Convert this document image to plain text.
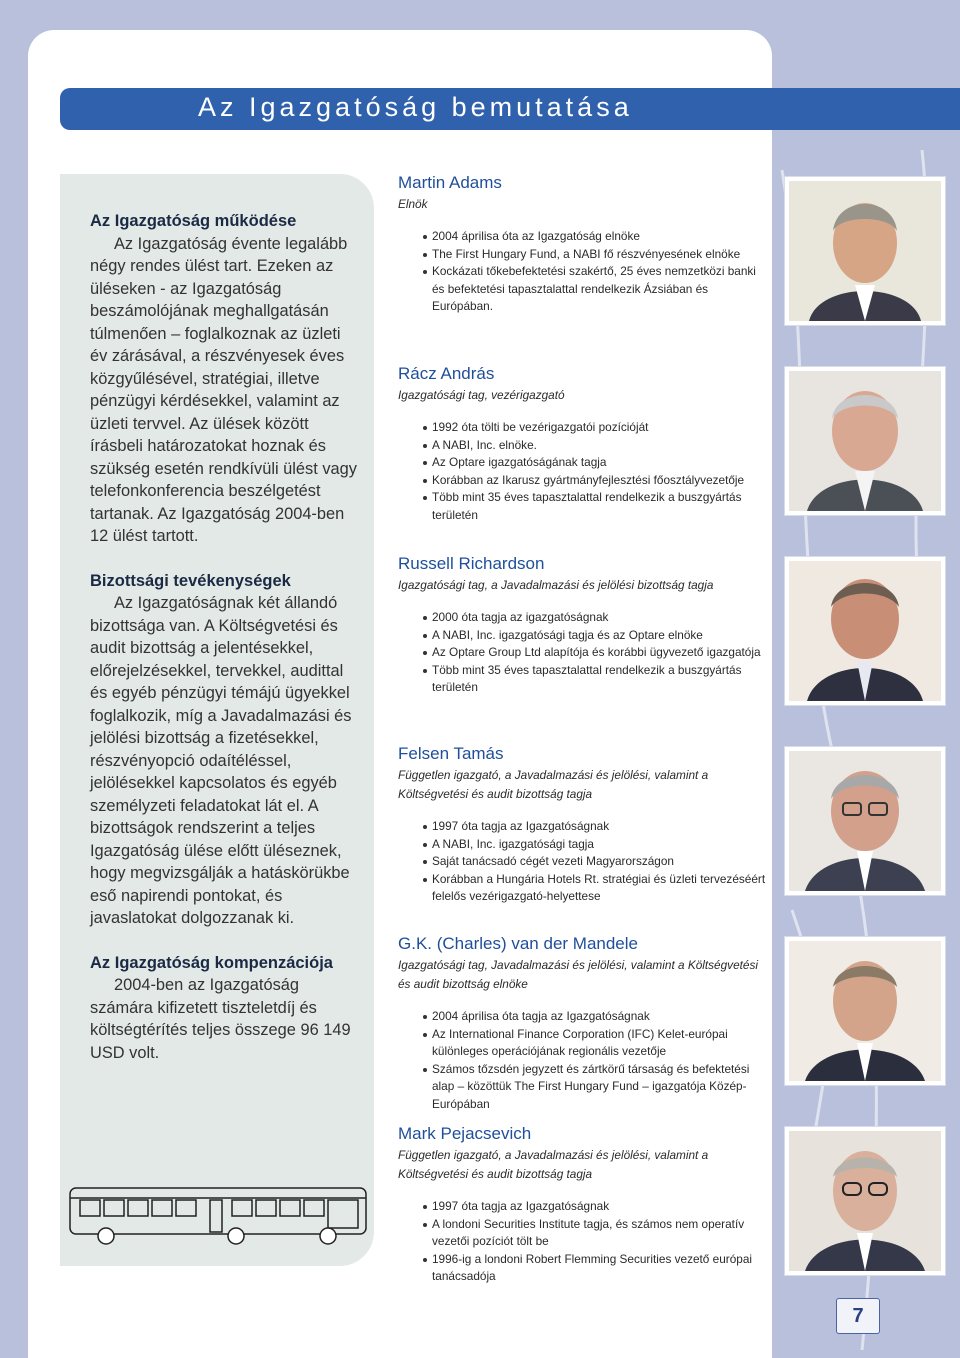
Az Igazgatóság bemutatása
Az Igazgatóság működése

Az Igazgatóság évente legalább négy rendes ülést tart. Ezeken az üléseken - az Igazgatóság beszámolójának meghallgatásán túlmenően – foglalkoznak az üzleti év zárásával, a részvényesek éves közgyűlésével, stratégiai, illetve pénzügyi kérdésekkel, valamint az üzleti tervvel. Az ülések között írásbeli határozatokat hoznak és szükség esetén rendkívüli ülést vagy telefonkonferencia beszélgetést tartanak. Az Igazgatóság 2004-ben 12 ülést tartott.

Bizottsági tevékenységek

Az Igazgatóságnak két állandó bizottsága van. A Költségvetési és audit bizottság a jelentésekkel, előrejelzésekkel, tervekkel, audittal és egyéb pénzügyi témájú ügyekkel foglalkozik, míg a Javadalmazási és jelölési bizottság a fizetésekkel, részvényopció odaítéléssel, jelölésekkel kapcsolatos és egyéb személyzeti feladatokat lát el. A bizottságok rendszerint a teljes Igazgatóság ülése előtt üléseznek, hogy megvizsgálják a hatáskörükbe eső napirendi pontokat, és javaslatokat dolgozzanak ki.

Az Igazgatóság kompenzációja

2004-ben az Igazgatóság számára kifizetett tiszteletdíj és költségtérítés teljes összege 96 149 USD volt.

Martin Adams
Elnök
2004 áprilisa óta az Igazgatóság elnöke
The First Hungary Fund, a NABI fő részvényesének elnöke
Kockázati tőkebefektetési szakértő, 25 éves nemzetközi banki és befektetési tapasztalattal rendelkezik Ázsiában és Európában.
Rácz András
Igazgatósági tag, vezérigazgató
1992 óta tölti be vezérigazgatói pozícióját
A NABI, Inc. elnöke.
Az Optare igazgatóságának tagja
Korábban az Ikarusz gyártmányfejlesztési főosztályvezetője
Több mint 35 éves tapasztalattal rendelkezik a buszgyártás területén
Russell Richardson
Igazgatósági tag, a Javadalmazási és jelölési bizottság tagja
2000 óta tagja az igazgatóságnak
A NABI, Inc. igazgatósági tagja és az Optare elnöke
Az Optare Group Ltd alapítója és korábbi ügyvezető igazgatója
Több mint 35 éves tapasztalattal rendelkezik a buszgyártás területén
Felsen Tamás
Független igazgató, a Javadalmazási és jelölési, valamint a Költségvetési és audit bizottság tagja
1997 óta tagja az Igazgatóságnak
A NABI, Inc. igazgatósági tagja
Saját tanácsadó cégét vezeti Magyarországon
Korábban a Hungária Hotels Rt. stratégiai és üzleti tervezéséért felelős vezérigazgató-helyettese
G.K. (Charles) van der Mandele
Igazgatósági tag, Javadalmazási és jelölési, valamint a Költségvetési és audit bizottság elnöke
2004 áprilisa óta tagja az Igazgatóságnak
Az International Finance Corporation (IFC) Kelet-európai különleges operációjának regionális vezetője
Számos tőzsdén jegyzett és zártkörű társaság és befektetési alap – közöttük The First Hungary Fund – igazgatója Közép-Európában
Mark Pejacsevich
Független igazgató, a Javadalmazási és jelölési, valamint a Költségvetési és audit bizottság tagja
1997 óta tagja az Igazgatóságnak
A londoni Securities Institute tagja, és számos nem operatív vezetői pozíciót tölt be
1996-ig a londoni Robert Flemming Securities vezető európai tanácsadója
7
